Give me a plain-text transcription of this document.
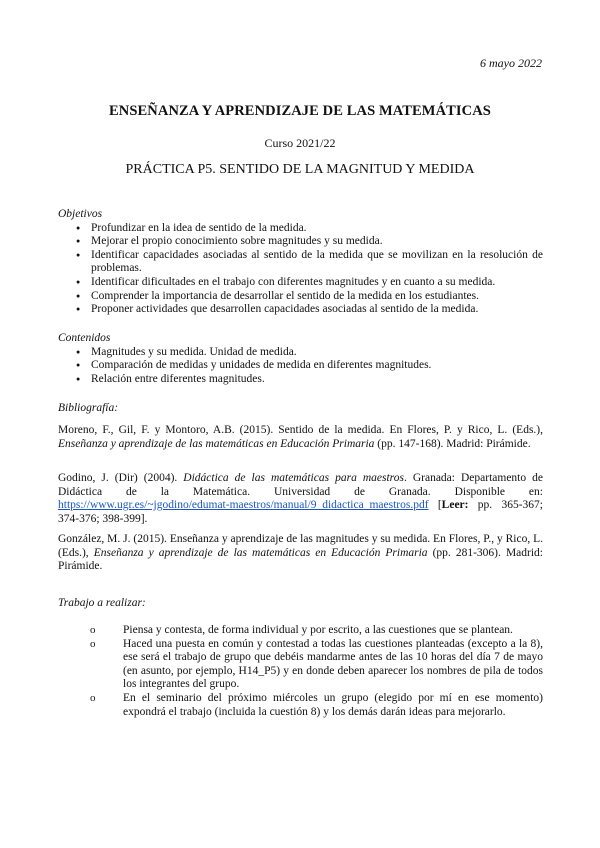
6 mayo 2022
ENSEÑANZA Y APRENDIZAJE DE LAS MATEMÁTICAS
Curso 2021/22
PRÁCTICA P5. SENTIDO DE LA MAGNITUD Y MEDIDA
Objetivos
● Profundizar en la idea de sentido de la medida.
● Mejorar el propio conocimiento sobre magnitudes y su medida.
● Identificar capacidades asociadas al sentido de la medida que se movilizan en la resolución de problemas.
● Identificar dificultades en el trabajo con diferentes magnitudes y en cuanto a su medida.
● Comprender la importancia de desarrollar el sentido de la medida en los estudiantes.
● Proponer actividades que desarrollen capacidades asociadas al sentido de la medida.
Contenidos
● Magnitudes y su medida. Unidad de medida.
● Comparación de medidas y unidades de medida en diferentes magnitudes.
● Relación entre diferentes magnitudes.
Bibliografía:

Moreno, F., Gil, F. y Montoro, A.B. (2015). Sentido de la medida. En Flores, P. y Rico, L. (Eds.), Enseñanza y aprendizaje de las matemáticas en Educación Primaria (pp. 147-168). Madrid: Pirámide.

Godino, J. (Dir) (2004). Didáctica de las matemáticas para maestros. Granada: Departamento de Didáctica de la Matemática. Universidad de Granada. Disponible en: https://www.ugr.es/~jgodino/edumat-maestros/manual/9_didactica_maestros.pdf [Leer: pp. 365-367; 374-376; 398-399].

González, M. J. (2015). Enseñanza y aprendizaje de las magnitudes y su medida. En Flores, P., y Rico, L. (Eds.), Enseñanza y aprendizaje de las matemáticas en Educación Primaria (pp. 281-306). Madrid: Pirámide.

Trabajo a realizar:
o Piensa y contesta, de forma individual y por escrito, a las cuestiones que se plantean.
o Haced una puesta en común y contestad a todas las cuestiones planteadas (excepto a la 8), ese será el trabajo de grupo que debéis mandarme antes de las 10 horas del día 7 de mayo (en asunto, por ejemplo, H14_P5) y en donde deben aparecer los nombres de pila de todos los integrantes del grupo.
o En el seminario del próximo miércoles un grupo (elegido por mí en ese momento) expondrá el trabajo (incluida la cuestión 8) y los demás darán ideas para mejorarlo.
